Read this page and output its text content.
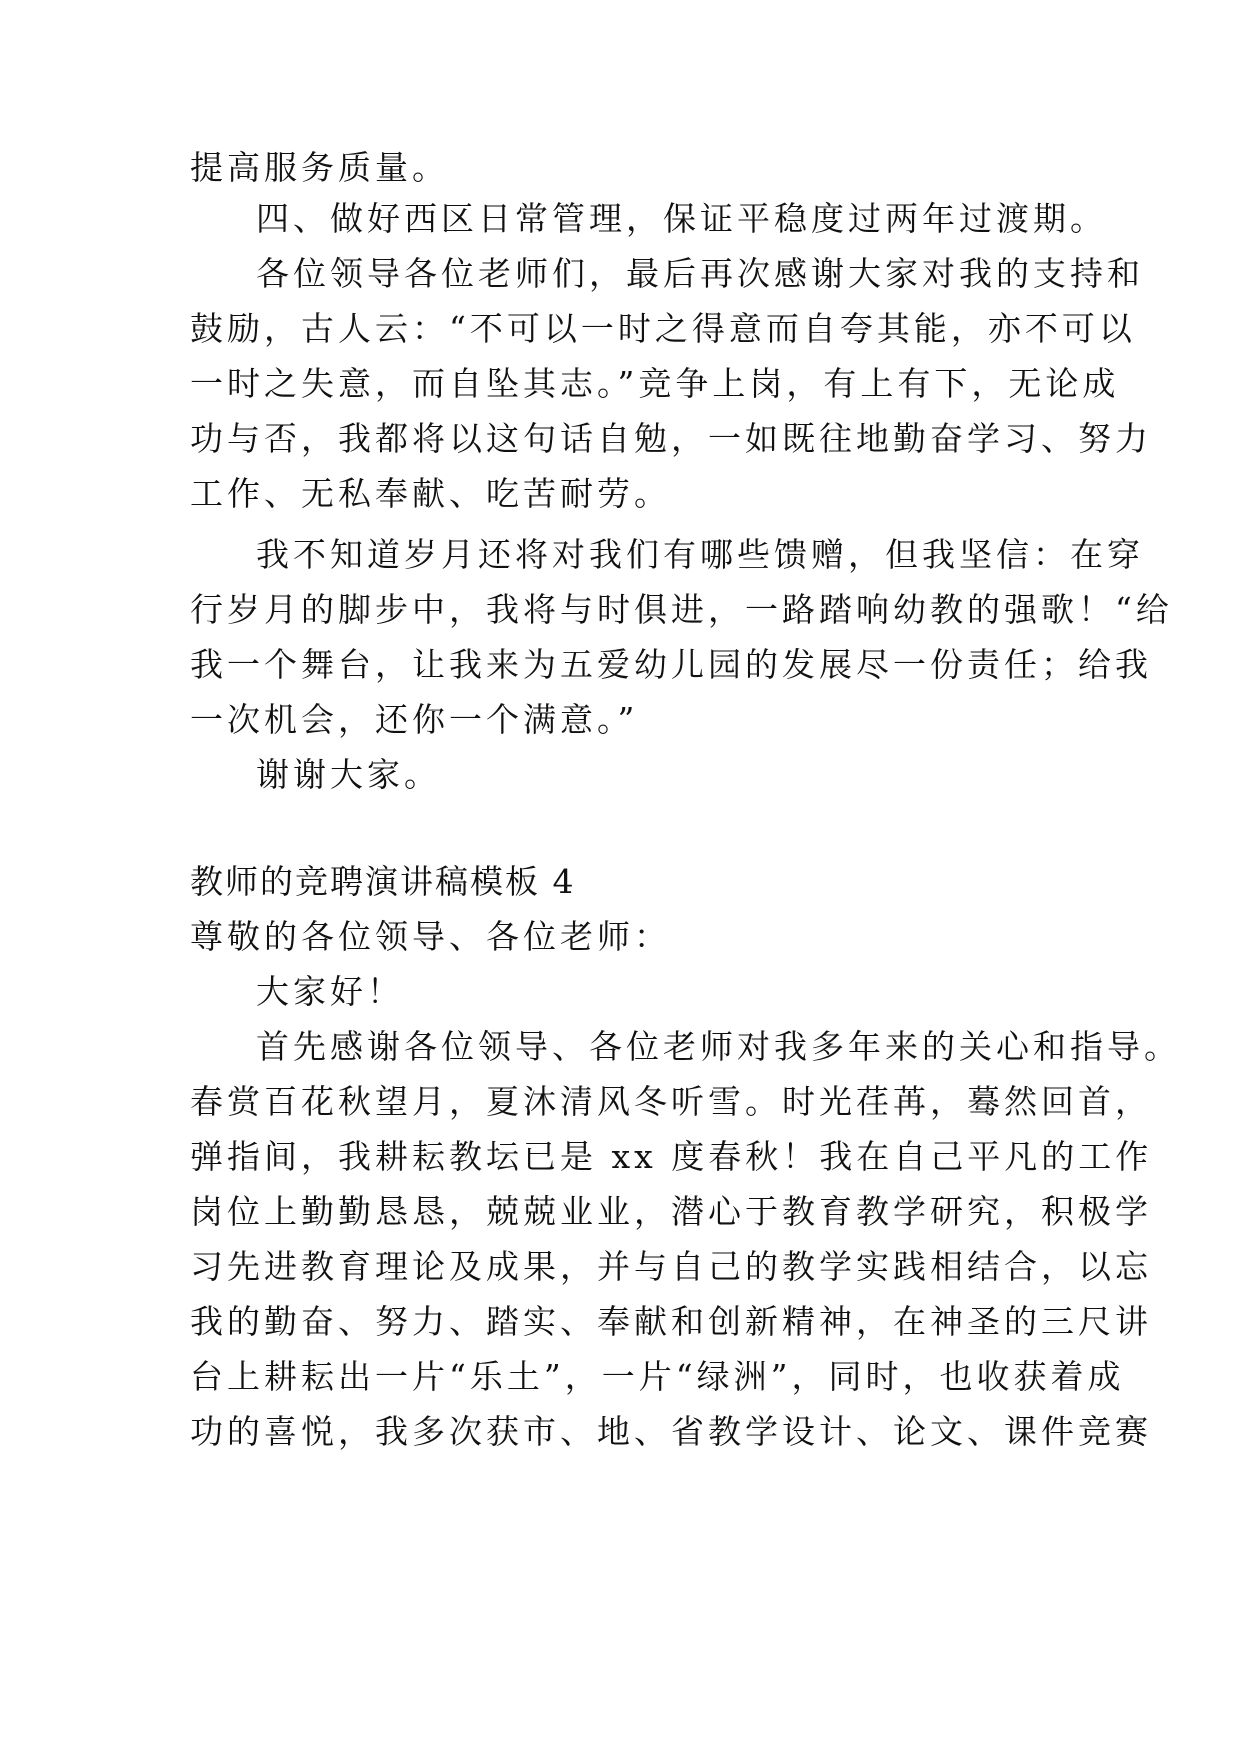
提高服务质量。
四、做好西区日常管理，保证平稳度过两年过渡期。
各位领导各位老师们，最后再次感谢大家对我的支持和
鼓励，古人云：“不可以一时之得意而自夸其能，亦不可以
一时之失意，而自坠其志。”竞争上岗，有上有下，无论成
功与否，我都将以这句话自勉，一如既往地勤奋学习、努力
工作、无私奉献、吃苦耐劳。
我不知道岁月还将对我们有哪些馈赠，但我坚信：在穿
行岁月的脚步中，我将与时俱进，一路踏响幼教的强歌！“给
我一个舞台，让我来为五爱幼儿园的发展尽一份责任；给我
一次机会，还你一个满意。”
谢谢大家。
教师的竞聘演讲稿模板 4
尊敬的各位领导、各位老师：
大家好！
首先感谢各位领导、各位老师对我多年来的关心和指导。
春赏百花秋望月，夏沐清风冬听雪。时光荏苒，蓦然回首，
弹指间，我耕耘教坛已是 xx 度春秋！我在自己平凡的工作
岗位上勤勤恳恳，兢兢业业，潜心于教育教学研究，积极学
习先进教育理论及成果，并与自己的教学实践相结合，以忘
我的勤奋、努力、踏实、奉献和创新精神，在神圣的三尺讲
台上耕耘出一片“乐土”，一片“绿洲”，同时，也收获着成
功的喜悦，我多次获市、地、省教学设计、论文、课件竞赛
